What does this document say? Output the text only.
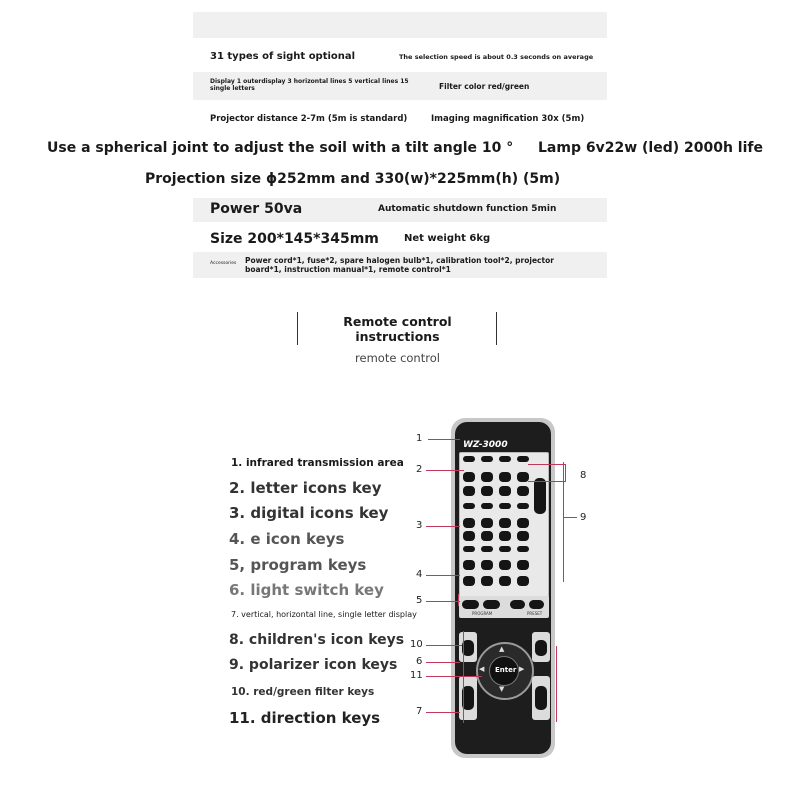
31 types of sight optional	The selection speed is about 0.3 seconds on average
Display 1 outerdisplay 3 horizontal lines 5 vertical lines 15 single letters	Filter color red/green
Projector distance 2-7m (5m is standard)	Imaging magnification 30x (5m)
Use a spherical joint to adjust the soil with a tilt angle 10 ° Lamp 6v22w (led) 2000h life
Projection size ϕ252mm and 330(w)*225mm(h) (5m)
Power 50va	Automatic shutdown function 5min
Size 200*145*345mm	Net weight 6kg
Accessories Power cord*1, fuse*2, spare halogen bulb*1, calibration tool*2, projector board*1, instruction manual*1, remote control*1
Remote control instructions
remote control
1. infrared transmission area
2. letter icons key
3. digital icons key
4. e icon keys
5, program keys
6. light switch key
7. vertical, horizontal line, single letter display
8. children's icon keys
9. polarizer icon keys
10. red/green filter keys
11. direction keys
WZ-3000
PROGRAM	PRESET
Enter
▲
▼
◀	▶
1
2
3
4
5
6
7
8
9
10
11
